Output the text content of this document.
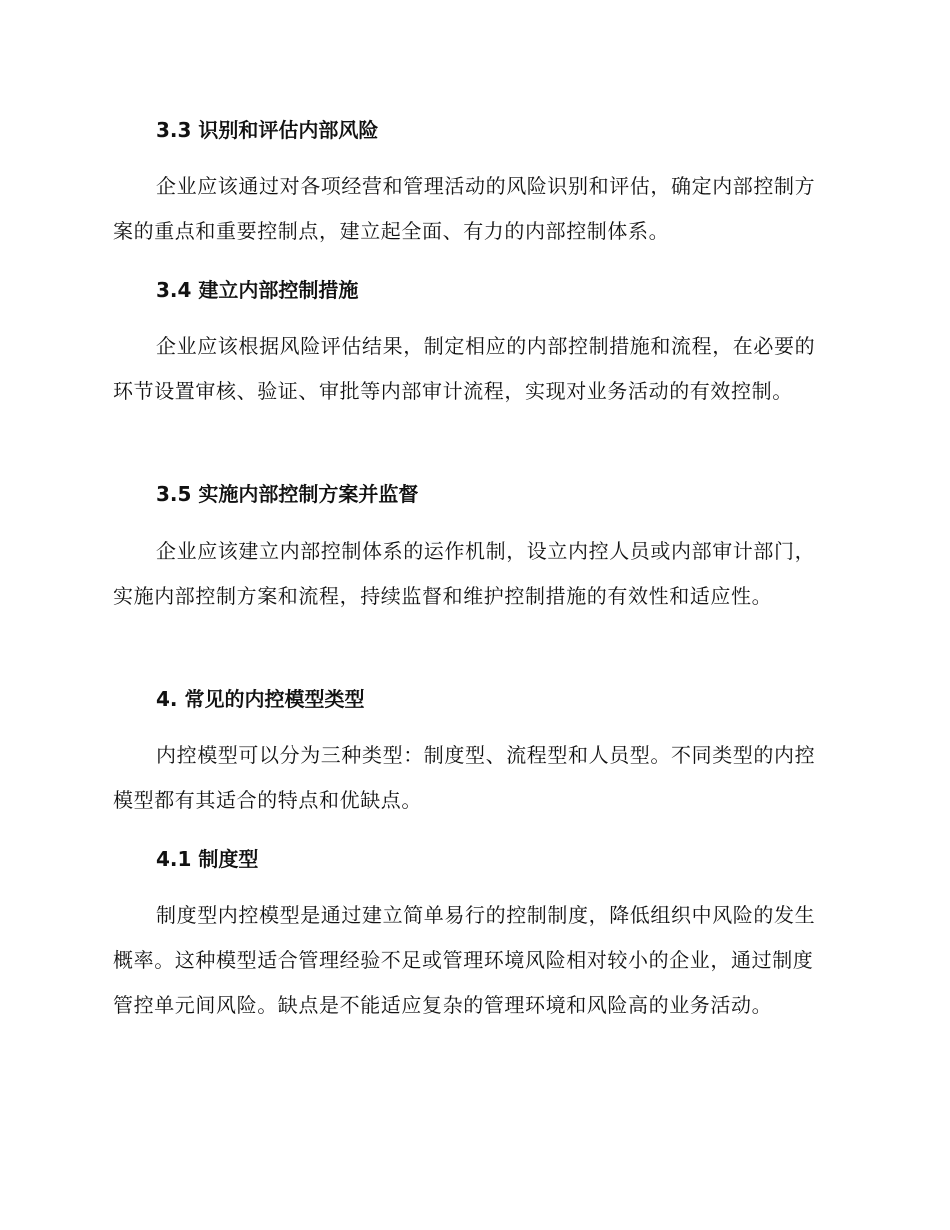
3.3 识别和评估内部风险

企业应该通过对各项经营和管理活动的风险识别和评估，确定内部控制方案的重点和重要控制点，建立起全面、有力的内部控制体系。

3.4 建立内部控制措施

企业应该根据风险评估结果，制定相应的内部控制措施和流程，在必要的环节设置审核、验证、审批等内部审计流程，实现对业务活动的有效控制。

3.5 实施内部控制方案并监督

企业应该建立内部控制体系的运作机制，设立内控人员或内部审计部门，实施内部控制方案和流程，持续监督和维护控制措施的有效性和适应性。

4. 常见的内控模型类型

内控模型可以分为三种类型：制度型、流程型和人员型。不同类型的内控模型都有其适合的特点和优缺点。

4.1 制度型

制度型内控模型是通过建立简单易行的控制制度，降低组织中风险的发生概率。这种模型适合管理经验不足或管理环境风险相对较小的企业，通过制度管控单元间风险。缺点是不能适应复杂的管理环境和风险高的业务活动。
